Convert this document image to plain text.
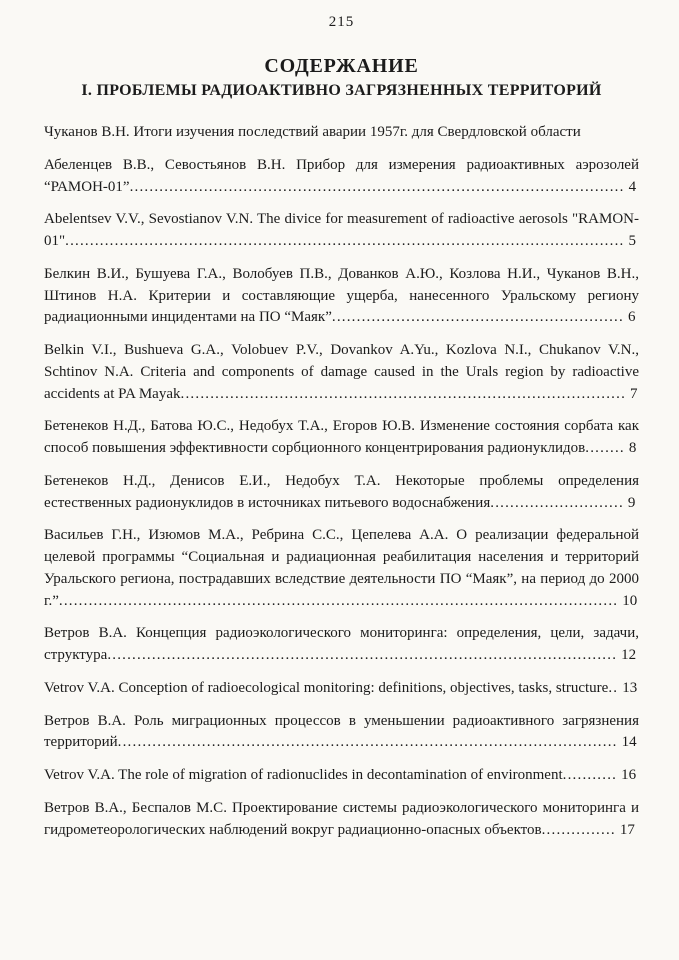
215
СОДЕРЖАНИЕ
I. ПРОБЛЕМЫ РАДИОАКТИВНО ЗАГРЯЗНЕННЫХ ТЕРРИТОРИЙ

Чуканов В.Н. Итоги изучения последствий аварии 1957г. для Свердловской области

Абеленцев В.В., Севостьянов В.Н. Прибор для измерения радиоактивных аэрозолей “РАМОН-01”.................................................................................................... 4

Abelentsev V.V., Sevostianov V.N. The divice for measurement of radioactive aerosols "RAMON-01"................................................................................................................. 5

Белкин В.И., Бушуева Г.А., Волобуев П.В., Дованков А.Ю., Козлова Н.И., Чуканов В.Н., Штинов Н.А. Критерии и составляющие ущерба, нанесенного Уральскому региону радиационными инцидентами на ПО “Маяк”........................................................... 6

Belkin V.I., Bushueva G.A., Volobuev P.V., Dovankov A.Yu., Kozlova N.I., Chukanov V.N., Schtinov N.A. Criteria and components of damage caused in the Urals region by radioactive accidents at PA Mayak.......................................................................................... 7

Бетенеков Н.Д., Батова Ю.С., Недобух Т.А., Егоров Ю.В. Изменение состояния сорбата как способ повышения эффективности сорбционного концентрирования радионуклидов........ 8

Бетенеков Н.Д., Денисов Е.И., Недобух Т.А. Некоторые проблемы определения естественных радионуклидов в источниках питьевого водоснабжения........................... 9

Васильев Г.Н., Изюмов М.А., Ребрина С.С., Цепелева А.А. О реализации федеральной целевой программы “Социальная и радиационная реабилитация населения и территорий Уральского региона, пострадавших вследствие деятельности ПО “Маяк”, на период до 2000 г.”................................................................................................................. 10

Ветров В.А. Концепция радиоэкологического мониторинга: определения, цели, задачи, структура....................................................................................................... 12

Vetrov V.A. Conception of radioecological monitoring: definitions, objectives, tasks, structure.. 13

Ветров В.А. Роль миграционных процессов в уменьшении радиоактивного загрязнения территорий..................................................................................................... 14

Vetrov V.A. The role of migration of radionuclides in decontamination of environment........... 16

Ветров В.А., Беспалов М.С. Проектирование системы радиоэкологического мониторинга и гидрометеорологических наблюдений вокруг радиационно-опасных объектов............... 17
